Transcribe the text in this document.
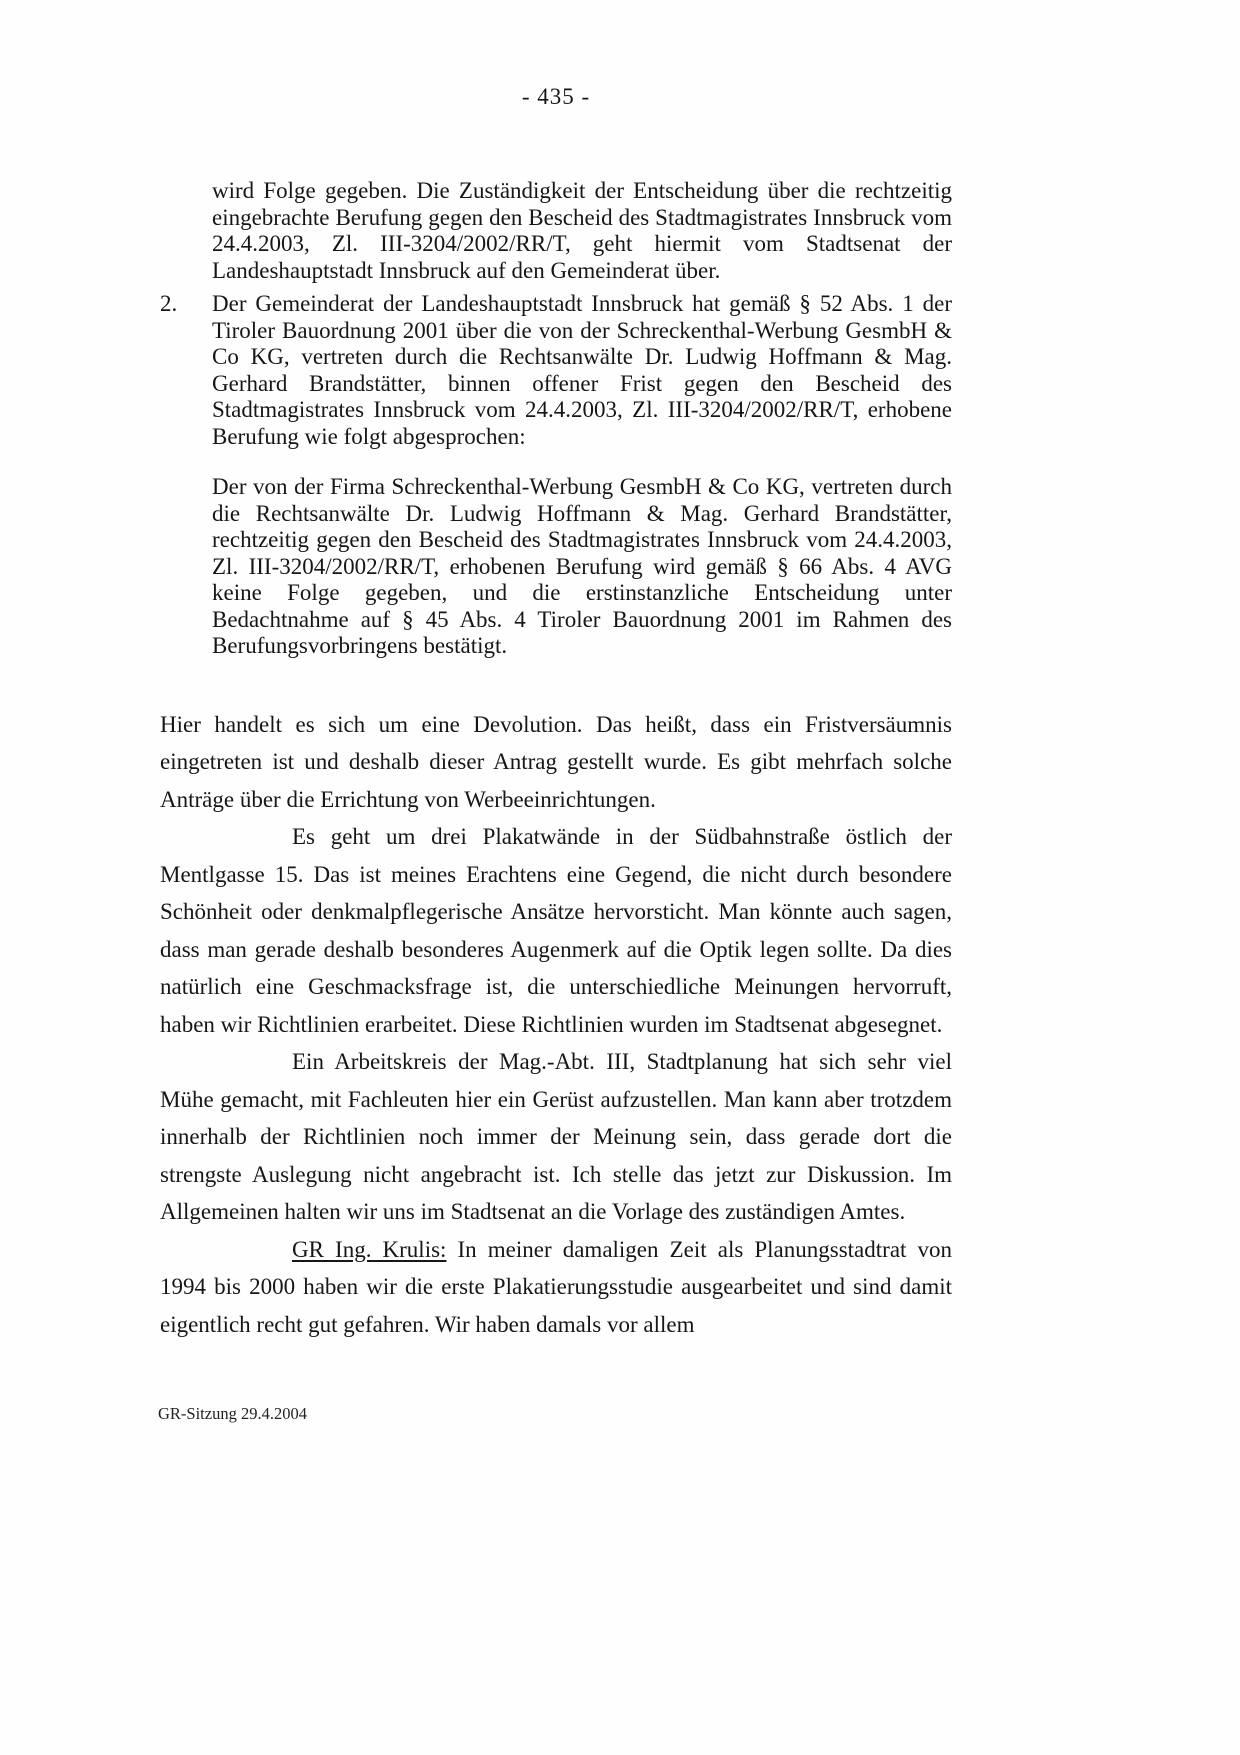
- 435 -

wird Folge gegeben. Die Zuständigkeit der Entscheidung über die rechtzeitig eingebrachte Berufung gegen den Bescheid des Stadtmagistrates Innsbruck vom 24.4.2003, Zl. III-3204/2002/RR/T, geht hiermit vom Stadtsenat der Landeshauptstadt Innsbruck auf den Gemeinderat über.

2.	Der Gemeinderat der Landeshauptstadt Innsbruck hat gemäß § 52 Abs. 1 der Tiroler Bauordnung 2001 über die von der Schreckenthal-Werbung GesmbH & Co KG, vertreten durch die Rechtsanwälte Dr. Ludwig Hoffmann & Mag. Gerhard Brandstätter, binnen offener Frist gegen den Bescheid des Stadtmagistrates Innsbruck vom 24.4.2003, Zl. III-3204/2002/RR/T, erhobene Berufung wie folgt abgesprochen:

Der von der Firma Schreckenthal-Werbung GesmbH & Co KG, vertreten durch die Rechtsanwälte Dr. Ludwig Hoffmann & Mag. Gerhard Brandstätter, rechtzeitig gegen den Bescheid des Stadtmagistrates Innsbruck vom 24.4.2003, Zl. III-3204/2002/RR/T, erhobenen Berufung wird gemäß § 66 Abs. 4 AVG keine Folge gegeben, und die erstinstanzliche Entscheidung unter Bedachtnahme auf § 45 Abs. 4 Tiroler Bauordnung 2001 im Rahmen des Berufungsvorbringens bestätigt.

Hier handelt es sich um eine Devolution. Das heißt, dass ein Fristversäumnis eingetreten ist und deshalb dieser Antrag gestellt wurde. Es gibt mehrfach solche Anträge über die Errichtung von Werbeeinrichtungen.

Es geht um drei Plakatwände in der Südbahnstraße östlich der Mentlgasse 15. Das ist meines Erachtens eine Gegend, die nicht durch besondere Schönheit oder denkmalpflegerische Ansätze hervorsticht. Man könnte auch sagen, dass man gerade deshalb besonderes Augenmerk auf die Optik legen sollte. Da dies natürlich eine Geschmacksfrage ist, die unterschiedliche Meinungen hervorruft, haben wir Richtlinien erarbeitet. Diese Richtlinien wurden im Stadtsenat abgesegnet.

Ein Arbeitskreis der Mag.-Abt. III, Stadtplanung hat sich sehr viel Mühe gemacht, mit Fachleuten hier ein Gerüst aufzustellen. Man kann aber trotzdem innerhalb der Richtlinien noch immer der Meinung sein, dass gerade dort die strengste Auslegung nicht angebracht ist. Ich stelle das jetzt zur Diskussion. Im Allgemeinen halten wir uns im Stadtsenat an die Vorlage des zuständigen Amtes.

GR Ing. Krulis: In meiner damaligen Zeit als Planungsstadtrat von 1994 bis 2000 haben wir die erste Plakatierungsstudie ausgearbeitet und sind damit eigentlich recht gut gefahren. Wir haben damals vor allem

GR-Sitzung 29.4.2004
